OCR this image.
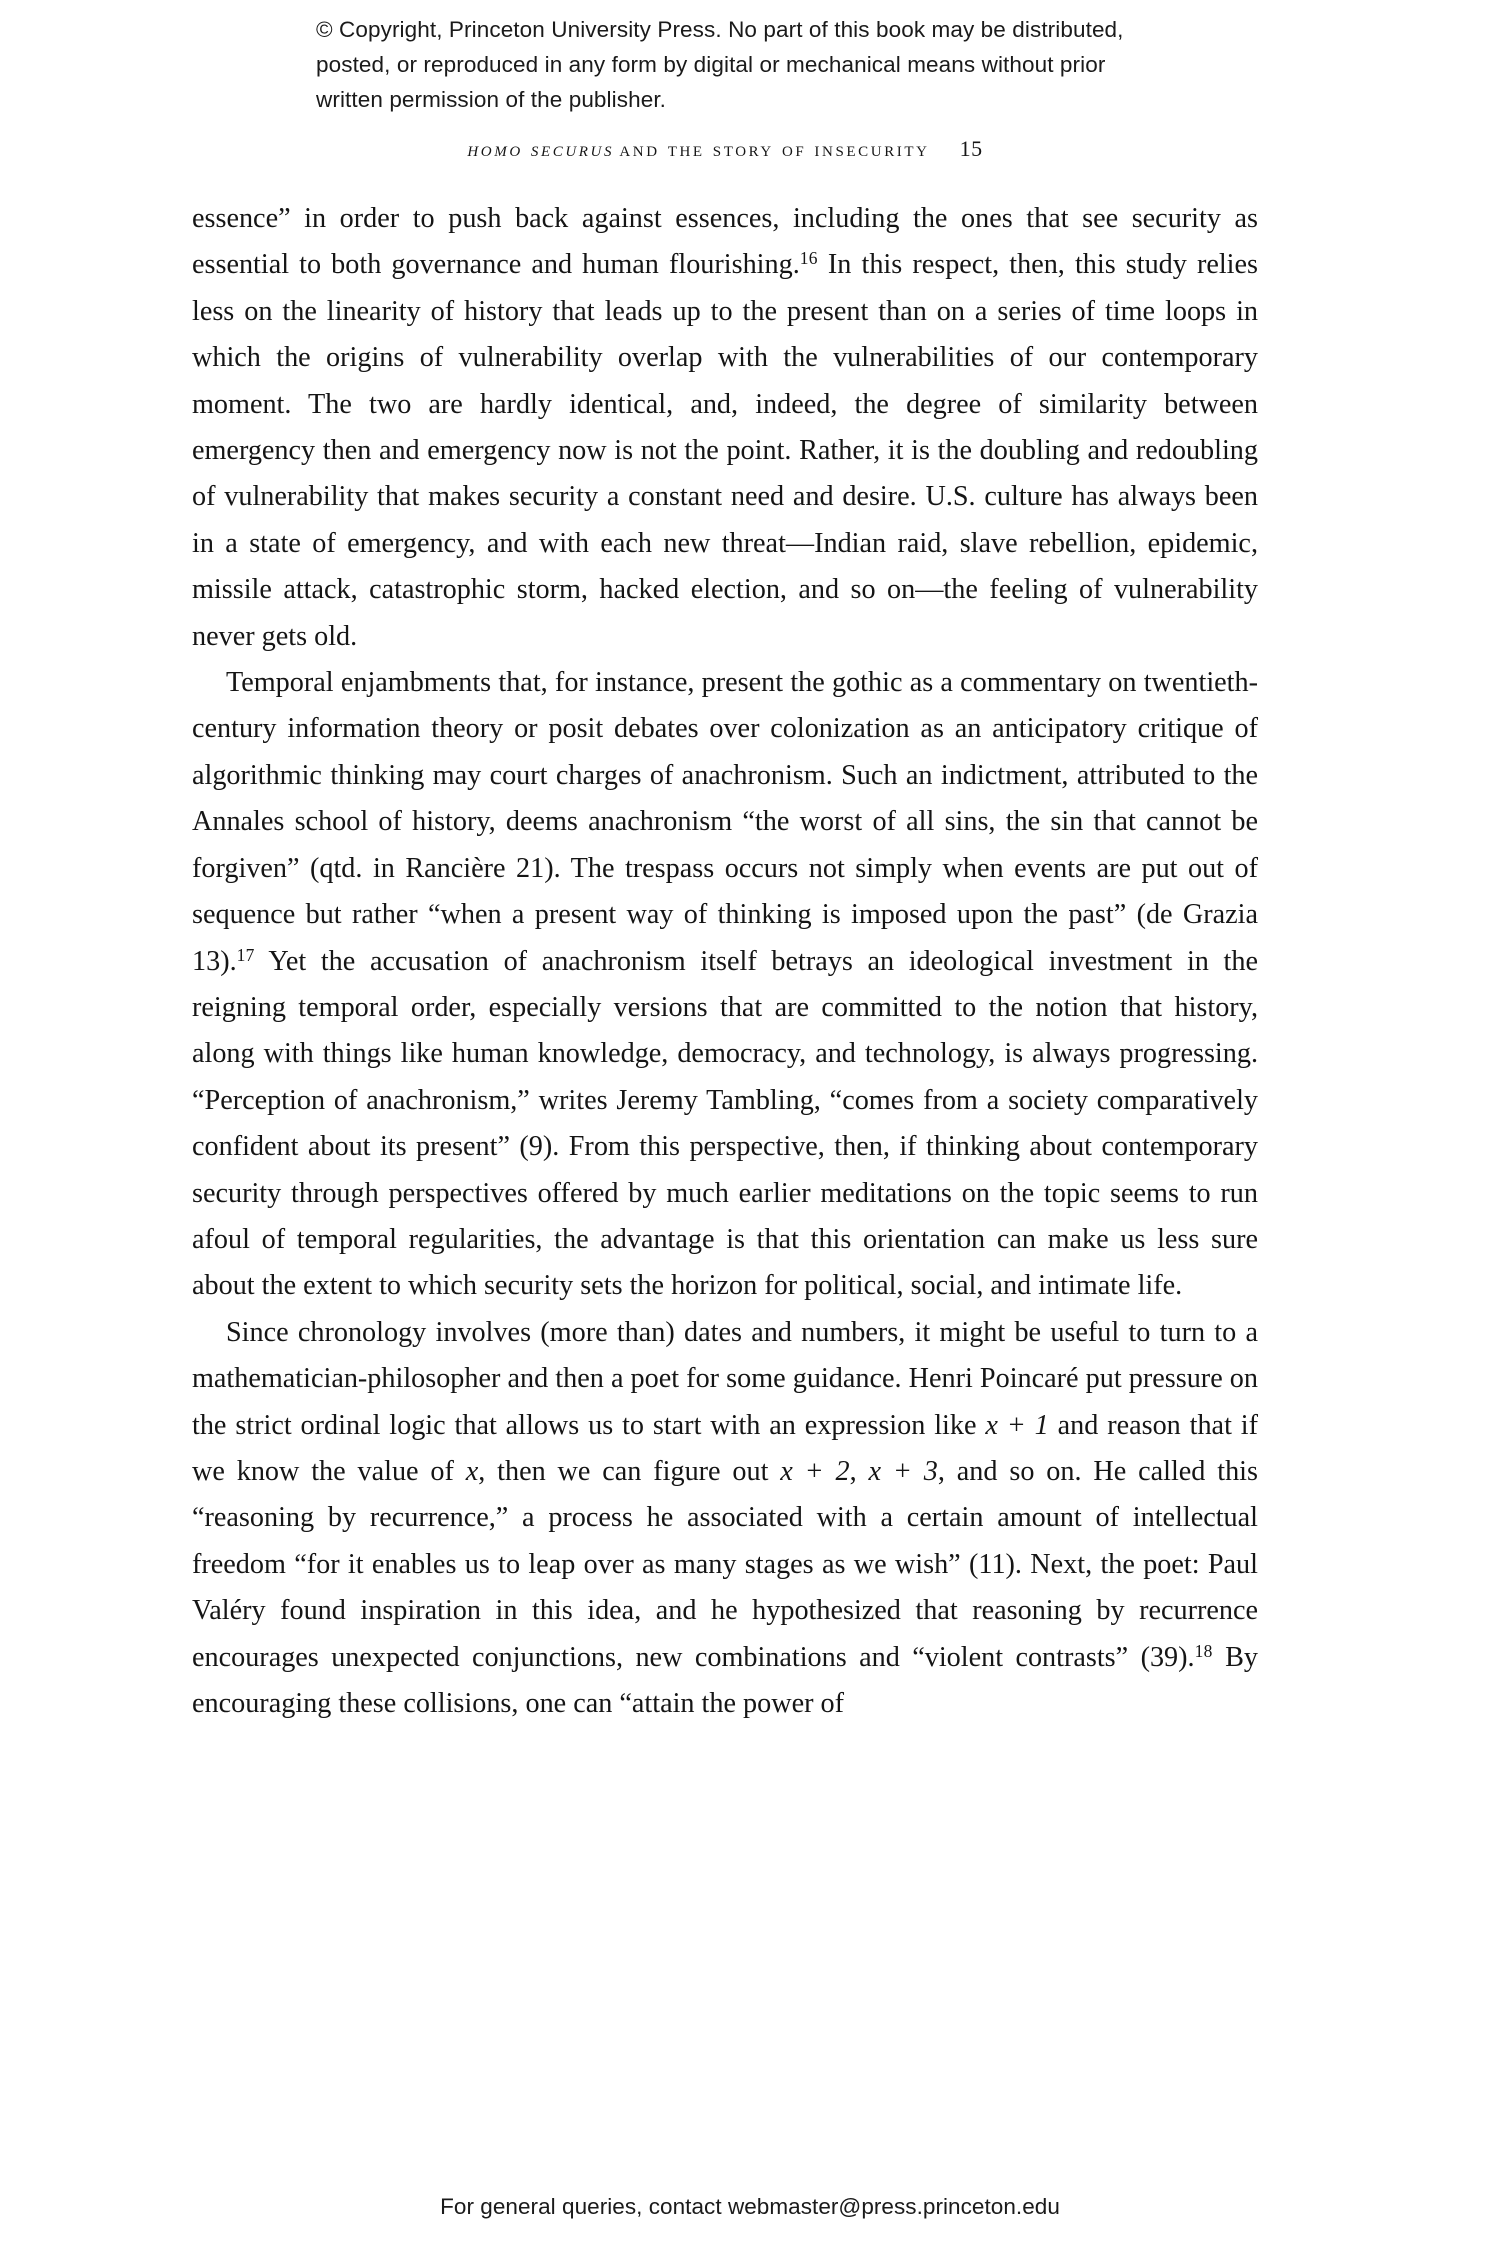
© Copyright, Princeton University Press. No part of this book may be distributed, posted, or reproduced in any form by digital or mechanical means without prior written permission of the publisher.
homo securus and the story of insecurity 15

essence” in order to push back against essences, including the ones that see security as essential to both governance and human flourishing.$^{16}$ In this respect, then, this study relies less on the linearity of history that leads up to the present than on a series of time loops in which the origins of vulnerability overlap with the vulnerabilities of our contemporary moment. The two are hardly identical, and, indeed, the degree of similarity between emergency then and emergency now is not the point. Rather, it is the doubling and redoubling of vulnerability that makes security a constant need and desire. U.S. culture has always been in a state of emergency, and with each new threat—Indian raid, slave rebellion, epidemic, missile attack, catastrophic storm, hacked election, and so on—the feeling of vulnerability never gets old.

Temporal enjambments that, for instance, present the gothic as a commentary on twentieth-century information theory or posit debates over colonization as an anticipatory critique of algorithmic thinking may court charges of anachronism. Such an indictment, attributed to the Annales school of history, deems anachronism “the worst of all sins, the sin that cannot be forgiven” (qtd. in Rancière 21). The trespass occurs not simply when events are put out of sequence but rather “when a present way of thinking is imposed upon the past” (de Grazia 13).$^{17}$ Yet the accusation of anachronism itself betrays an ideological investment in the reigning temporal order, especially versions that are committed to the notion that history, along with things like human knowledge, democracy, and technology, is always progressing. “Perception of anachronism,” writes Jeremy Tambling, “comes from a society comparatively confident about its present” (9). From this perspective, then, if thinking about contemporary security through perspectives offered by much earlier meditations on the topic seems to run afoul of temporal regularities, the advantage is that this orientation can make us less sure about the extent to which security sets the horizon for political, social, and intimate life.

Since chronology involves (more than) dates and numbers, it might be useful to turn to a mathematician-philosopher and then a poet for some guidance. Henri Poincaré put pressure on the strict ordinal logic that allows us to start with an expression like x + 1 and reason that if we know the value of x, then we can figure out x + 2, x + 3, and so on. He called this “reasoning by recurrence,” a process he associated with a certain amount of intellectual freedom “for it enables us to leap over as many stages as we wish” (11). Next, the poet: Paul Valéry found inspiration in this idea, and he hypothesized that reasoning by recurrence encourages unexpected conjunctions, new combinations and “violent contrasts” (39).$^{18}$ By encouraging these collisions, one can “attain the power of

For general queries, contact webmaster@press.princeton.edu
